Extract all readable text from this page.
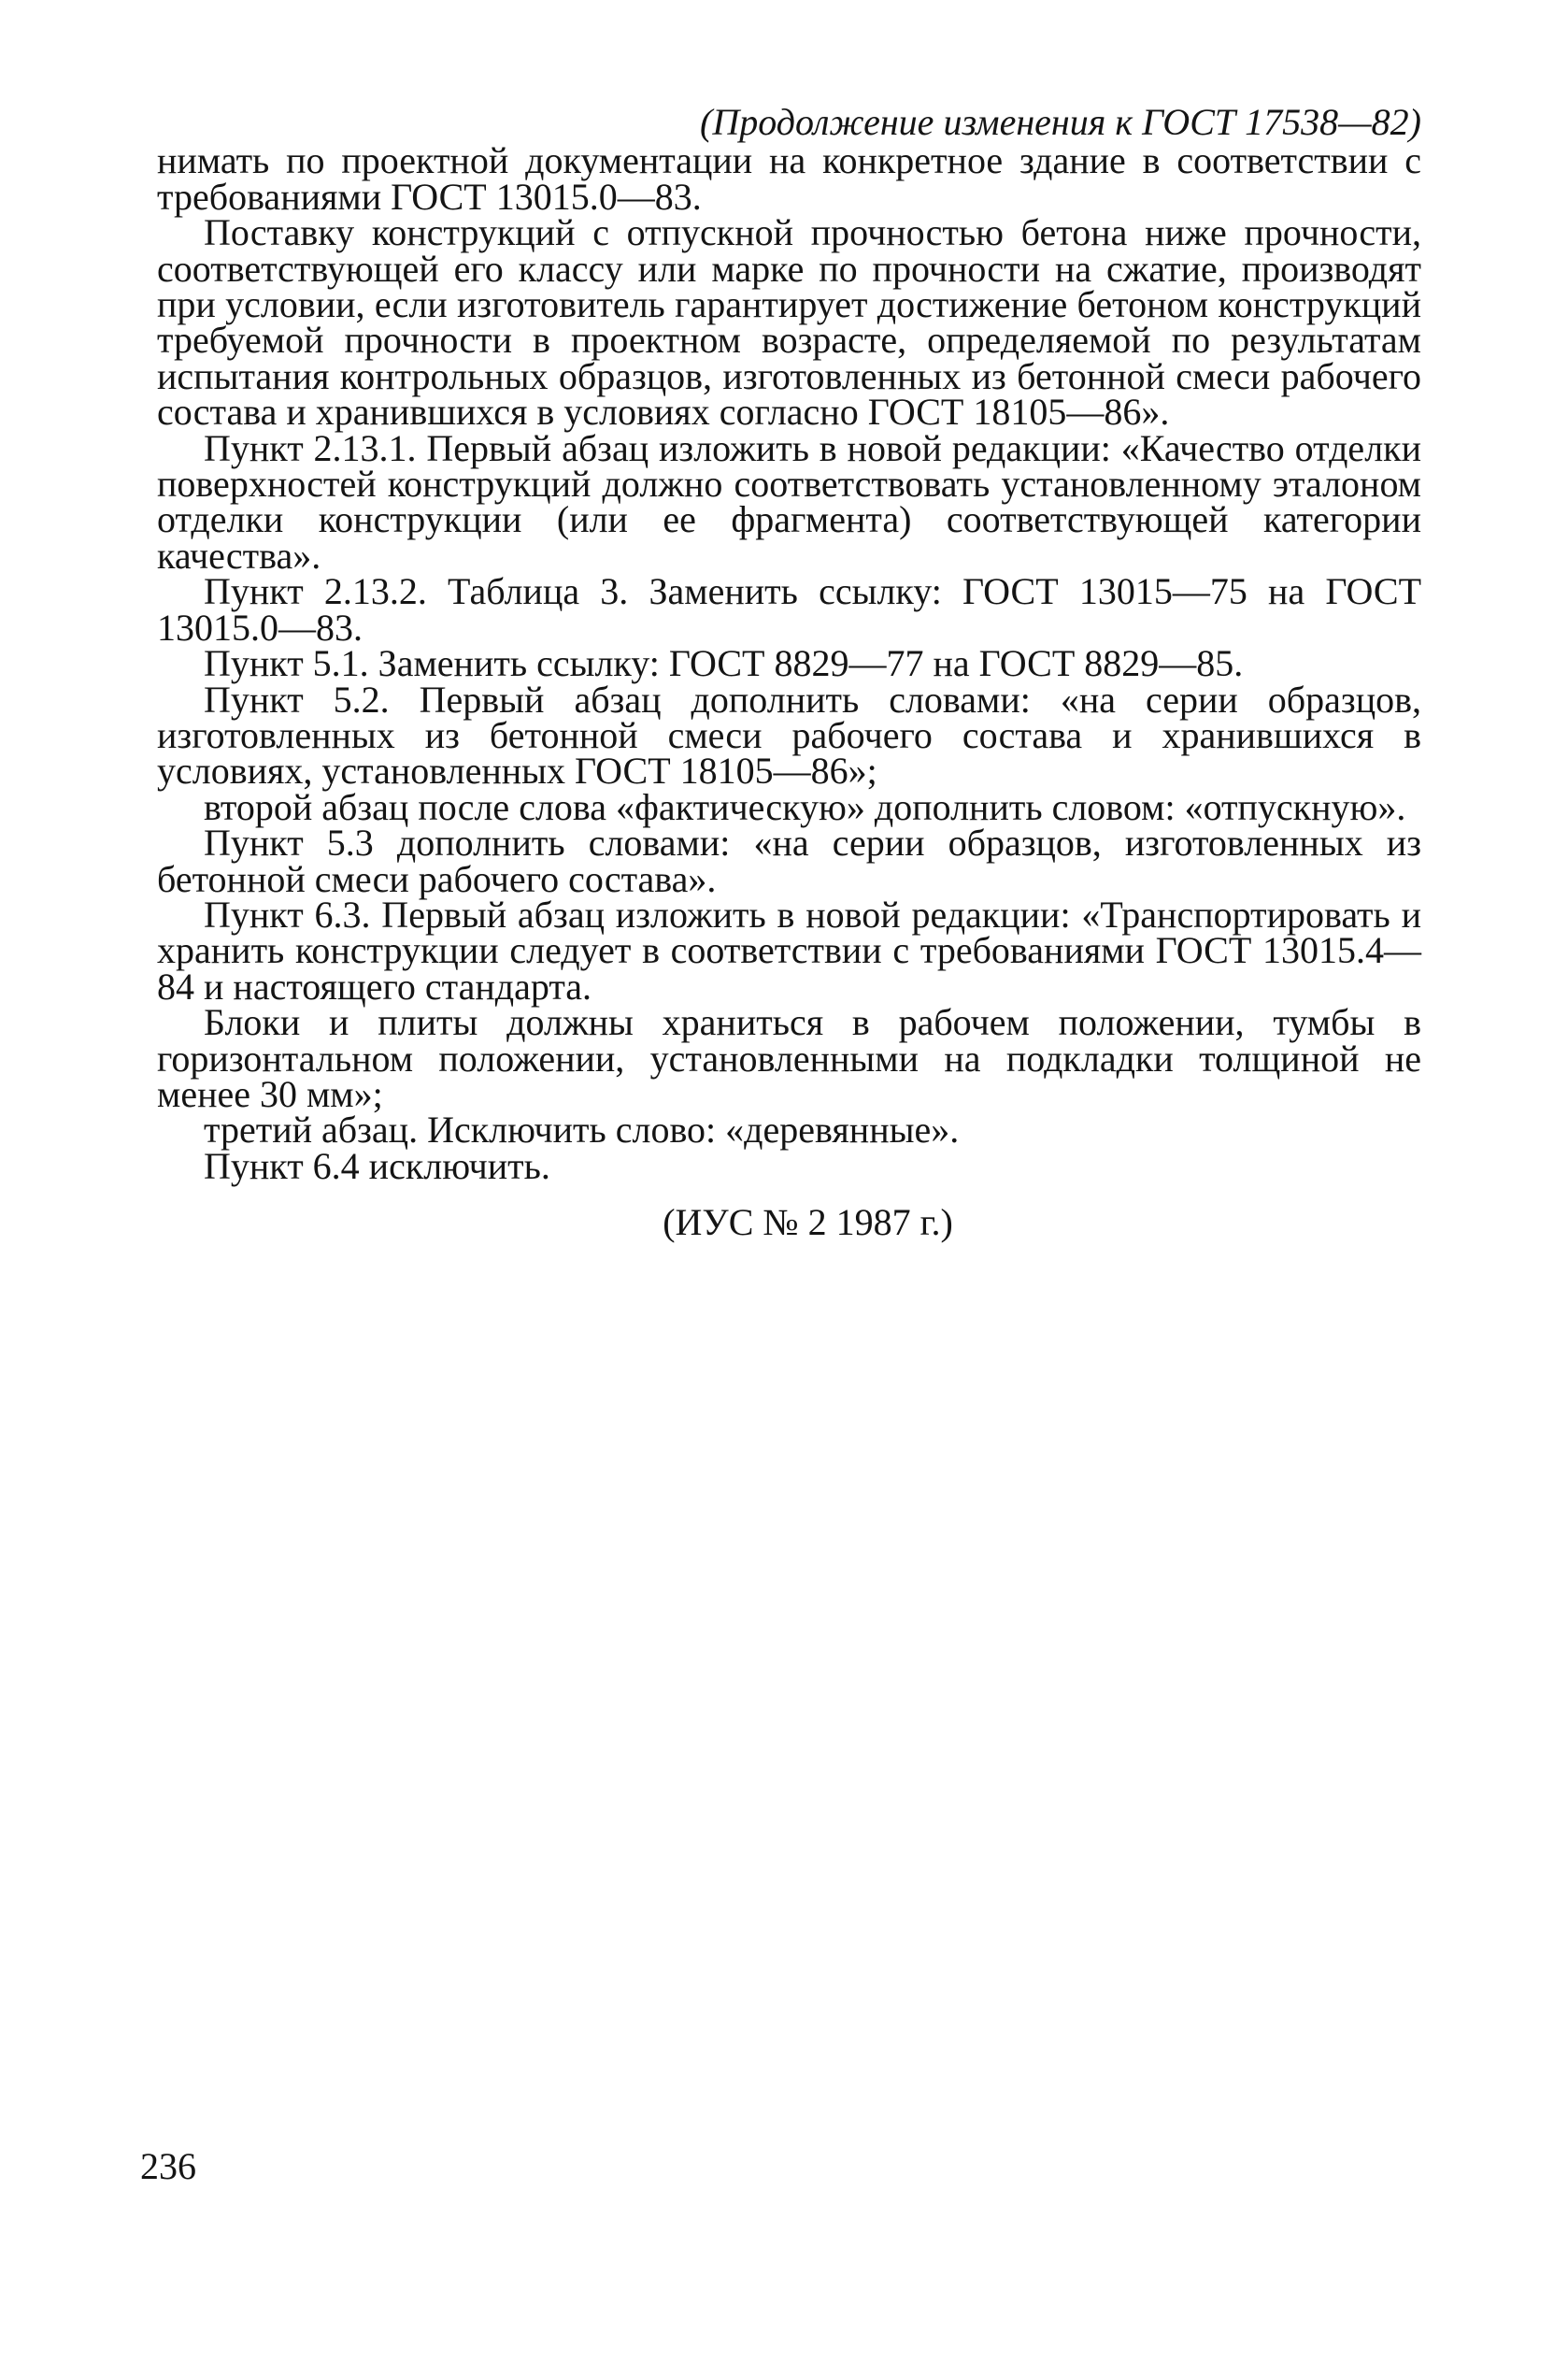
(Продолжение изменения к ГОСТ 17538—82)

нимать по проектной документации на конкретное здание в соответствии с требованиями ГОСТ 13015.0—83.

Поставку конструкций с отпускной прочностью бетона ниже прочности, соответствующей его классу или марке по прочности на сжатие, производят при условии, если изготовитель гарантирует достижение бетоном конструкций требуемой прочности в проектном возрасте, определяемой по результатам испытания контрольных образцов, изготовленных из бетонной смеси рабочего состава и хранившихся в условиях согласно ГОСТ 18105—86».

Пункт 2.13.1. Первый абзац изложить в новой редакции: «Качество отделки поверхностей конструкций должно соответствовать установленному эталоном отделки конструкции (или ее фрагмента) соответствующей категории качества».

Пункт 2.13.2. Таблица 3. Заменить ссылку: ГОСТ 13015—75 на ГОСТ 13015.0—83.

Пункт 5.1. Заменить ссылку: ГОСТ 8829—77 на ГОСТ 8829—85.

Пункт 5.2. Первый абзац дополнить словами: «на серии образцов, изготовленных из бетонной смеси рабочего состава и хранившихся в условиях, установленных ГОСТ 18105—86»;

второй абзац после слова «фактическую» дополнить словом: «отпускную».

Пункт 5.3 дополнить словами: «на серии образцов, изготовленных из бетонной смеси рабочего состава».

Пункт 6.3. Первый абзац изложить в новой редакции: «Транспортировать и хранить конструкции следует в соответствии с требованиями ГОСТ 13015.4—84 и настоящего стандарта.

Блоки и плиты должны храниться в рабочем положении, тумбы в горизонтальном положении, установленными на подкладки толщиной не менее 30 мм»;

третий абзац. Исключить слово: «деревянные».

Пункт 6.4 исключить.

(ИУС № 2 1987 г.)
236
